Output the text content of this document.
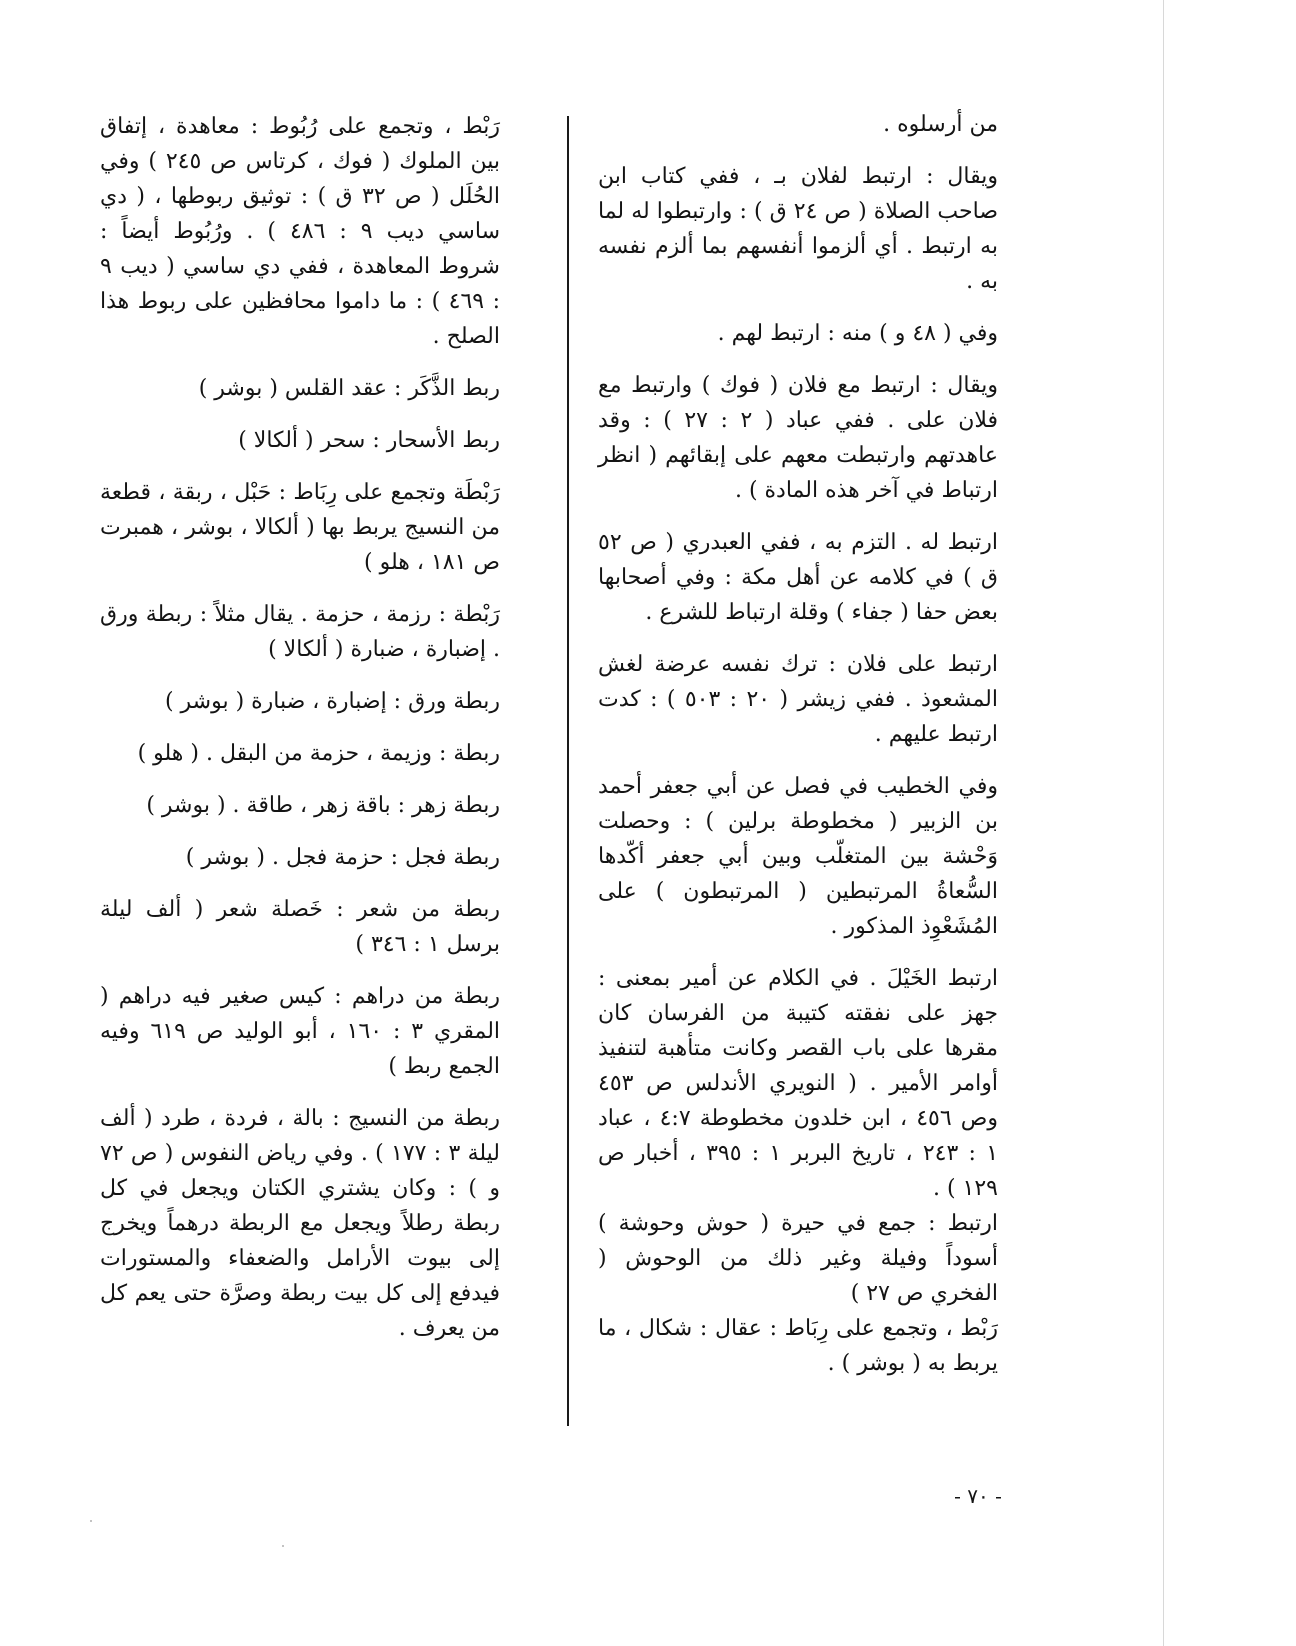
من أرسلوه .

ويقال : ارتبط لفلان بـ ، ففي كتاب ابن صاحب الصلاة ( ص ٢٤ ق ) : وارتبطوا له لما به ارتبط . أي ألزموا أنفسهم بما ألزم نفسه به .

وفي ( ٤٨ و ) منه : ارتبط لهم .

ويقال : ارتبط مع فلان ( فوك ) وارتبط مع فلان على . ففي عباد ( ٢ : ٢٧ ) : وقد عاهدتهم وارتبطت معهم على إبقائهم ( انظر ارتباط في آخر هذه المادة ) .

ارتبط له . التزم به ، ففي العبدري ( ص ٥٢ ق ) في كلامه عن أهل مكة : وفي أصحابها بعض حفا ( جفاء ) وقلة ارتباط للشرع .

ارتبط على فلان : ترك نفسه عرضة لغش المشعوذ . ففي زيشر ( ٢٠ : ٥٠٣ ) : كدت ارتبط عليهم .

وفي الخطيب في فصل عن أبي جعفر أحمد بن الزبير ( مخطوطة برلين ) : وحصلت وَحْشة بين المتغلّب وبين أبي جعفر أكّدها السُّعاةُ المرتبطين ( المرتبطون ) على المُشَعْوِذ المذكور .

ارتبط الخَيْلَ . في الكلام عن أمير بمعنى : جهز على نفقته كتيبة من الفرسان كان مقرها على باب القصر وكانت متأهبة لتنفيذ أوامر الأمير . ( النويري الأندلس ص ٤٥٣ وص ٤٥٦ ، ابن خلدون مخطوطة ٤:٧ ، عباد ١ : ٢٤٣ ، تاريخ البربر ١ : ٣٩٥ ، أخبار ص ١٢٩ ) .

ارتبط : جمع في حيرة ( حوش وحوشة ) أسوداً وفيلة وغير ذلك من الوحوش ( الفخري ص ٢٧ )

رَبْط ، وتجمع على رِبَاط : عقال : شكال ، ما يربط به ( بوشر ) .

رَبْط ، وتجمع على رُبُوط : معاهدة ، إتفاق بين الملوك ( فوك ، كرتاس ص ٢٤٥ ) وفي الحُلَل ( ص ٣٢ ق ) : توثيق ربوطها ، ( دي ساسي ديب ٩ : ٤٨٦ ) . ورُبُوط أيضاً : شروط المعاهدة ، ففي دي ساسي ( ديب ٩ : ٤٦٩ ) : ما داموا محافظين على ربوط هذا الصلح .

ربط الذَّكَر : عقد القلس ( بوشر )

ربط الأسحار : سحر ( ألكالا )

رَبْطَة وتجمع على رِبَاط : حَبْل ، ربقة ، قطعة من النسيج يربط بها ( ألكالا ، بوشر ، همبرت ص ١٨١ ، هلو )

رَبْطة : رزمة ، حزمة . يقال مثلاً : ربطة ورق . إضبارة ، ضبارة ( ألكالا )

ربطة ورق : إضبارة ، ضبارة ( بوشر )

ربطة : وزيمة ، حزمة من البقل . ( هلو )

ربطة زهر : باقة زهر ، طاقة . ( بوشر )

ربطة فجل : حزمة فجل . ( بوشر )

ربطة من شعر : خَصلة شعر ( ألف ليلة برسل ١ : ٣٤٦ )

ربطة من دراهم : كيس صغير فيه دراهم ( المقري ٣ : ١٦٠ ، أبو الوليد ص ٦١٩ وفيه الجمع ربط )

ربطة من النسيج : بالة ، فردة ، طرد ( ألف ليلة ٣ : ١٧٧ ) . وفي رياض النفوس ( ص ٧٢ و ) : وكان يشتري الكتان ويجعل في كل ربطة رطلاً ويجعل مع الربطة درهماً ويخرج إلى بيوت الأرامل والضعفاء والمستورات فيدفع إلى كل بيت ربطة وصرَّة حتى يعم كل من يعرف .

- ٧٠ -
